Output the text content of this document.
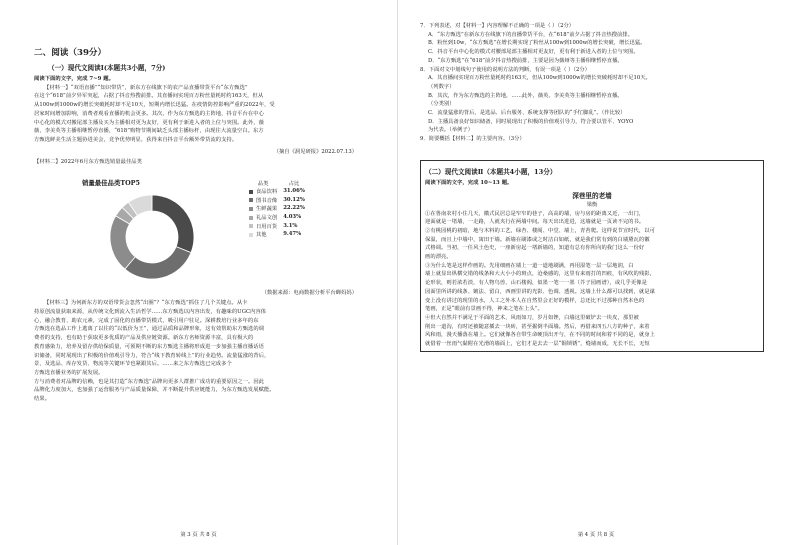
二、阅读（39分）
（一）现代文阅读Ⅰ(本题共3小题，7分)
阅读下面的文字，完成 7~9 题。
【材料一】“双语直播”“知识带货”，新东方在线旗下的农产品直播带货平台“东方甄选”
在这个“618”前夕异军突起，占据了抖音热搜前排。其直播间实现百万粉丝量耗时约163天，但从
从100w到1000w的增长突破耗时却不足10天，短期内增长迅猛。在疫情防控影响严重的2022年，受
居家时间增加影响，消费者观看直播的机会更多。其次，作为东方甄选的主阵地，抖音平台在中心
中心化的模式对搬尾部主播及买为主播相对更为友好，更有利于新进入者的上位与突围。此外，薇
薇，李美英等主播相继暂停直播，“618”购物节期间缺乏头部主播标杆，由现往大流量空白。东方
方甄选鲜美生活主题协进美会，竞争优势明显，获得来自抖音平台额外带货流的支持。
（摘自《洞见研报》2022.07.13）
【材料二】2022年6月东方甄选销量最佳品类
销量最佳品类TOP5	品类	占比
食品饮料	31.06%
图书音像	30.12%
生鲜蔬果	22.22%
礼品文创	4.03%
日用百货	3.1%
其他	9.47%
（数据来源：电商数据分析平台蝉妈妈）
【材料三】为何新东方的双语带货会忽然“出圈”？“东方甄选”抓住了几个关键点。从卡
持原创流量获取来源，从传统文化到流入生活哲学……东方甄选以内容出发，有趣味的UGC内容体
心，融合教育、助农元素，完成了固化的直播带货模式，吸引用户驻足。深耕教培行业多年的东
方甄选在选品工作上逃离了以往的“以低价为王”，通过品质和品牌形象，这有效帮助东方甄选的调
费者的支持，也有助于获取更多优质的产品及供应链资源。新东方名师资源丰富，具有极大的
教育感染力，培养及留存供给保质量，可预期不断的东方甄选主播将形成进一步加强主播直播话语
识储备，同时展现出了积极的价值观引导力，符合“线下教育转线上”的行业趋势。流量猛涨的背后，
景，及选品、库存发货、物流等关键环节也紧跟其后。……来之东方甄选已完成多个
方甄选直播业务的扩展发展。
方与消费者对品牌的信赖，也是其打造“东方甄选”品牌向更多人群推广成功的重要原因之一。因此
品牌化力度加大，也加强了运营服务与产品质量保障，并不断提升供应链能力，为东方甄选发展赋能。
结果。
第 3 页 共 8 页
7．下列表述，对【材料一】内容理解不正确的一项是（ ）（2分）
A．“东方甄选”在新东方在线旗下的直播带货平台，在“618”前夕占据了抖音热搜前排。
B．粉丝到10w，“东方甄选”在增长期实现了粉丝从100w到1000w的增长突破，增长迅猛。
C．抖音平台中心化的模式对腰部尾部主播相对更友好，更有利于新进入者的上位与突围。
D．“东方甄选”在“618”前夕抖音热搜前排，主要是因为薇娅等主播相继暂停直播。
8．下面对文中划线句子使用的说明方法的判断，有误一项是（ ）（2分）
A．其直播间实现百万粉丝量耗时约163天，但从100w到1000w的增长突破耗时却不足10天。
（列数字）
B．其次，作为东方甄选的主阵地，……此外，薇英、李美英等主播相继暂停直播。
（分类别）
C．流量猛涨的背后，是选品、后台服务、系统支撑等团队的“手忙脚乱”。（作比较）
D．主播具备良好知识储备，同时展现出了积极的价值观引导力，符合要以管平、YOYO
为代表。（举例子）
9．简要概括【材料二】的主要内容。（3分）
（二）现代文阅读Ⅱ（本题共4小题，13分）
阅读下面的文字，完成 10~13 题。
深巷里的老墙
梁衡
①在鲁南农村小住几天，徽式民居总是窄窄的巷子，高高的墙，房与房的距离又近，一出门，
迎面就是一堵墙，一走路，人就夹行在两墙中间。每天出出进进，这墙就是一页读不完的书。
②有桃园桃的初暗，地与木料的工艺，绿杏、楼阁、中堂、墙上，青苔爬。这样说节宣时代，以可
保温，而且上中墙中，寓田于墙。新墙在刷漆或之时洁白如纸，就是我们常有到的白墙黛瓦的徽
式格调。当初，一任风土色史，一座新房起一堵新墙的，知道有总有你所向的我门这么一份好
画的漂亮。
③为什么笔是这样作画的。先用细画在墙上一道一道地刷满，再用湿笔一层一层地润，白
墙上就显出纵横交错的线条和大大小小的斑点，沧桑感的，这里有来雨打的凹痕，有风吹的残影，
论形状，则若浓若淡，有人物鸟兽、山石楼阁，似墨一笔一一墨（芥子园画谱），或几乎更像是
园面里所讲的线条、皴法、留白，西画里讲的光影、色调、透视。这墙上什么都可以找到，就是谋
变上没有讲过的现里的水，人工之外本人在自然里会正好的模样，总还比不过那种自然本色的
笔画，正是“眼前有景画不得，神来之笔在上头”。
④但大自然并不满足于平面的艺术，风雨如刀，岁月如锉，白墙这里破铲去一块皮，那里被
削出一道沟，有时还被随意插去一块砖，甚至掘倒半面墙。然后，再借来四五八方的种子，来着
风和雨，漫天播落在墙上。它们就像各自带生命硬顶出开与，在不同的时间和着不同的是，就身上
就借着一丝雨气黏附在光滑的墙面上，它们才是去去一层“铜锁锈”，缝墙而成，无长不长，无短
第 4 页 共 8 页
